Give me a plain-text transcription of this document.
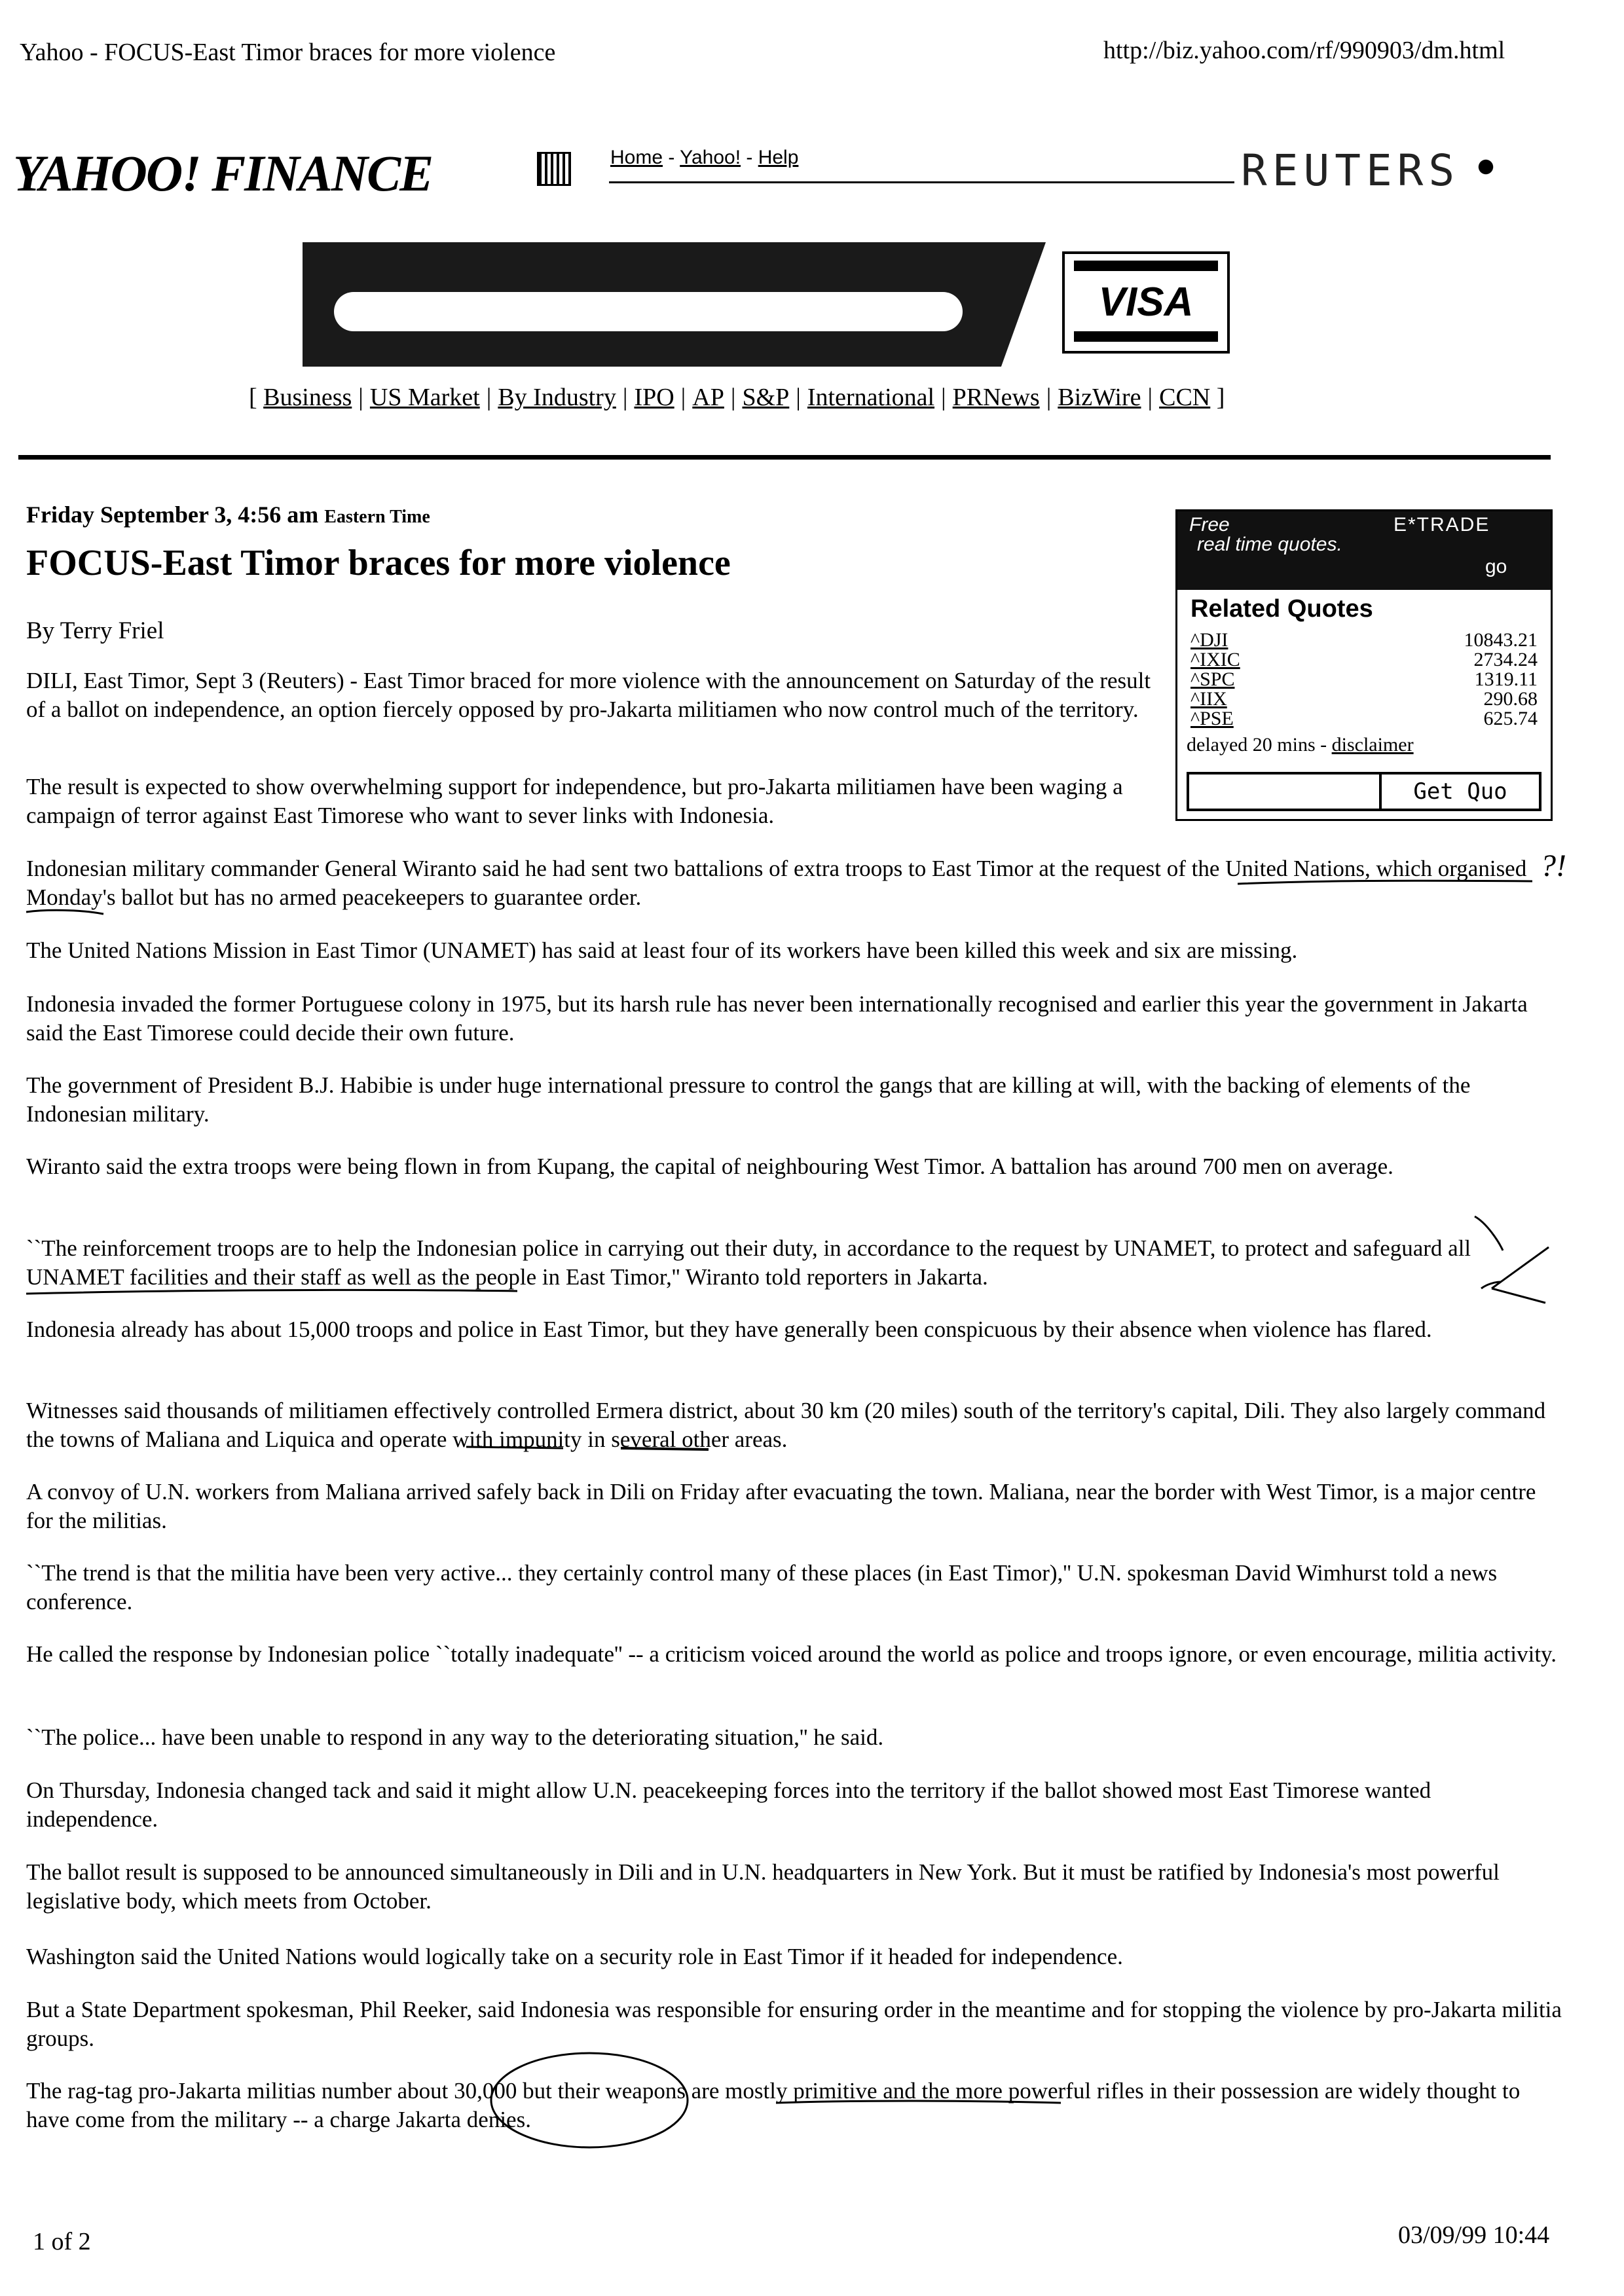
Yahoo - FOCUS-East Timor braces for more violence	http://biz.yahoo.com/rf/990903/dm.html
YAHOO! FINANCE	Home - Yahoo! - Help	REUTERS
VISA
[ Business | US Market | By Industry | IPO | AP | S&P | International | PRNews | BizWire | CCN ]
Friday September 3, 4:56 am Eastern Time
FOCUS-East Timor braces for more violence
By Terry Friel
Free
real time quotes.
E*TRADE
go
Related Quotes
^DJI	10843.21
^IXIC	2734.24
^SPC	1319.11
^IIX	290.68
^PSE	625.74
delayed 20 mins - disclaimer
Get Quo

DILI, East Timor, Sept 3 (Reuters) - East Timor braced for more violence with the announcement on Saturday of the result of a ballot on independence, an option fiercely opposed by pro-Jakarta militiamen who now control much of the territory.

The result is expected to show overwhelming support for independence, but pro-Jakarta militiamen have been waging a campaign of terror against East Timorese who want to sever links with Indonesia.

Indonesian military commander General Wiranto said he had sent two battalions of extra troops to East Timor at the request of the United Nations, which organised Monday's ballot but has no armed peacekeepers to guarantee order.

The United Nations Mission in East Timor (UNAMET) has said at least four of its workers have been killed this week and six are missing.

Indonesia invaded the former Portuguese colony in 1975, but its harsh rule has never been internationally recognised and earlier this year the government in Jakarta said the East Timorese could decide their own future.

The government of President B.J. Habibie is under huge international pressure to control the gangs that are killing at will, with the backing of elements of the Indonesian military.

Wiranto said the extra troops were being flown in from Kupang, the capital of neighbouring West Timor. A battalion has around 700 men on average.

``The reinforcement troops are to help the Indonesian police in carrying out their duty, in accordance to the request by UNAMET, to protect and safeguard all UNAMET facilities and their staff as well as the people in East Timor,'' Wiranto told reporters in Jakarta.

Indonesia already has about 15,000 troops and police in East Timor, but they have generally been conspicuous by their absence when violence has flared.

Witnesses said thousands of militiamen effectively controlled Ermera district, about 30 km (20 miles) south of the territory's capital, Dili. They also largely command the towns of Maliana and Liquica and operate with impunity in several other areas.

A convoy of U.N. workers from Maliana arrived safely back in Dili on Friday after evacuating the town. Maliana, near the border with West Timor, is a major centre for the militias.

``The trend is that the militia have been very active... they certainly control many of these places (in East Timor),'' U.N. spokesman David Wimhurst told a news conference.

He called the response by Indonesian police ``totally inadequate'' -- a criticism voiced around the world as police and troops ignore, or even encourage, militia activity.

``The police... have been unable to respond in any way to the deteriorating situation,'' he said.

On Thursday, Indonesia changed tack and said it might allow U.N. peacekeeping forces into the territory if the ballot showed most East Timorese wanted independence.

The ballot result is supposed to be announced simultaneously in Dili and in U.N. headquarters in New York. But it must be ratified by Indonesia's most powerful legislative body, which meets from October.

Washington said the United Nations would logically take on a security role in East Timor if it headed for independence.

But a State Department spokesman, Phil Reeker, said Indonesia was responsible for ensuring order in the meantime and for stopping the violence by pro-Jakarta militia groups.

The rag-tag pro-Jakarta militias number about 30,000 but their weapons are mostly primitive and the more powerful rifles in their possession are widely thought to have come from the military -- a charge Jakarta denies.

?!
1 of 2	03/09/99 10:44
